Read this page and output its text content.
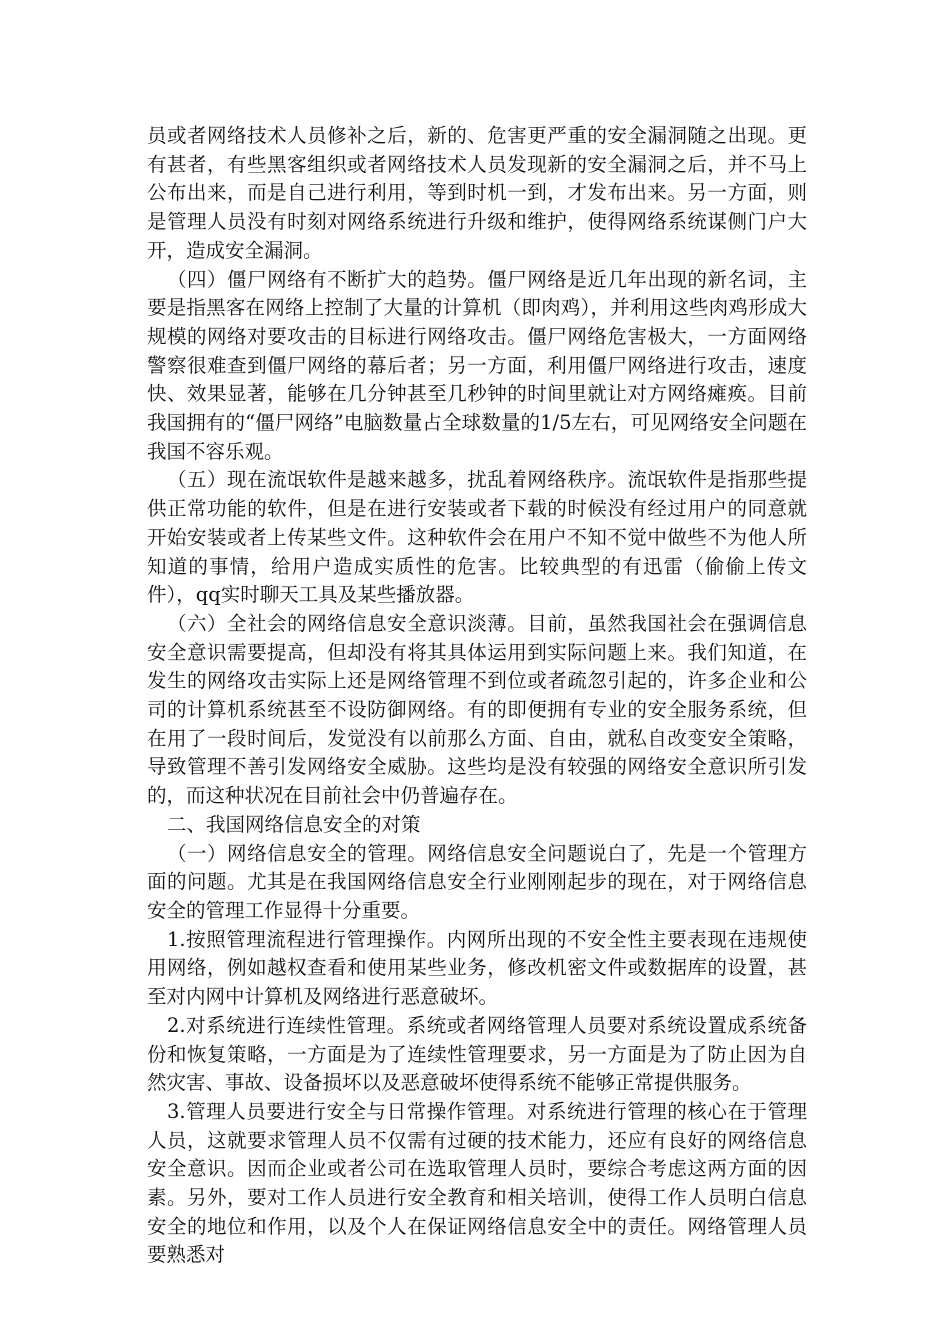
员或者网络技术人员修补之后，新的、危害更严重的安全漏洞随之出现。更有甚者，有些黑客组织或者网络技术人员发现新的安全漏洞之后，并不马上公布出来，而是自己进行利用，等到时机一到，才发布出来。另一方面，则是管理人员没有时刻对网络系统进行升级和维护，使得网络系统谋侧门户大开，造成安全漏洞。

（四）僵尸网络有不断扩大的趋势。僵尸网络是近几年出现的新名词，主要是指黑客在网络上控制了大量的计算机（即肉鸡），并利用这些肉鸡形成大规模的网络对要攻击的目标进行网络攻击。僵尸网络危害极大，一方面网络警察很难查到僵尸网络的幕后者；另一方面，利用僵尸网络进行攻击，速度快、效果显著，能够在几分钟甚至几秒钟的时间里就让对方网络瘫痪。目前我国拥有的“僵尸网络”电脑数量占全球数量的1/5左右，可见网络安全问题在我国不容乐观。

（五）现在流氓软件是越来越多，扰乱着网络秩序。流氓软件是指那些提供正常功能的软件，但是在进行安装或者下载的时候没有经过用户的同意就开始安装或者上传某些文件。这种软件会在用户不知不觉中做些不为他人所知道的事情，给用户造成实质性的危害。比较典型的有迅雷（偷偷上传文件），qq实时聊天工具及某些播放器。

（六）全社会的网络信息安全意识淡薄。目前，虽然我国社会在强调信息安全意识需要提高，但却没有将其具体运用到实际问题上来。我们知道，在发生的网络攻击实际上还是网络管理不到位或者疏忽引起的，许多企业和公司的计算机系统甚至不设防御网络。有的即便拥有专业的安全服务系统，但在用了一段时间后，发觉没有以前那么方面、自由，就私自改变安全策略，导致管理不善引发网络安全威胁。这些均是没有较强的网络安全意识所引发的，而这种状况在目前社会中仍普遍存在。

二、我国网络信息安全的对策

（一）网络信息安全的管理。网络信息安全问题说白了，先是一个管理方面的问题。尤其是在我国网络信息安全行业刚刚起步的现在，对于网络信息安全的管理工作显得十分重要。

1.按照管理流程进行管理操作。内网所出现的不安全性主要表现在违规使用网络，例如越权查看和使用某些业务，修改机密文件或数据库的设置，甚至对内网中计算机及网络进行恶意破坏。

2.对系统进行连续性管理。系统或者网络管理人员要对系统设置成系统备份和恢复策略，一方面是为了连续性管理要求，另一方面是为了防止因为自然灾害、事故、设备损坏以及恶意破坏使得系统不能够正常提供服务。

3.管理人员要进行安全与日常操作管理。对系统进行管理的核心在于管理人员，这就要求管理人员不仅需有过硬的技术能力，还应有良好的网络信息安全意识。因而企业或者公司在选取管理人员时，要综合考虑这两方面的因素。另外，要对工作人员进行安全教育和相关培训，使得工作人员明白信息安全的地位和作用，以及个人在保证网络信息安全中的责任。网络管理人员要熟悉对
